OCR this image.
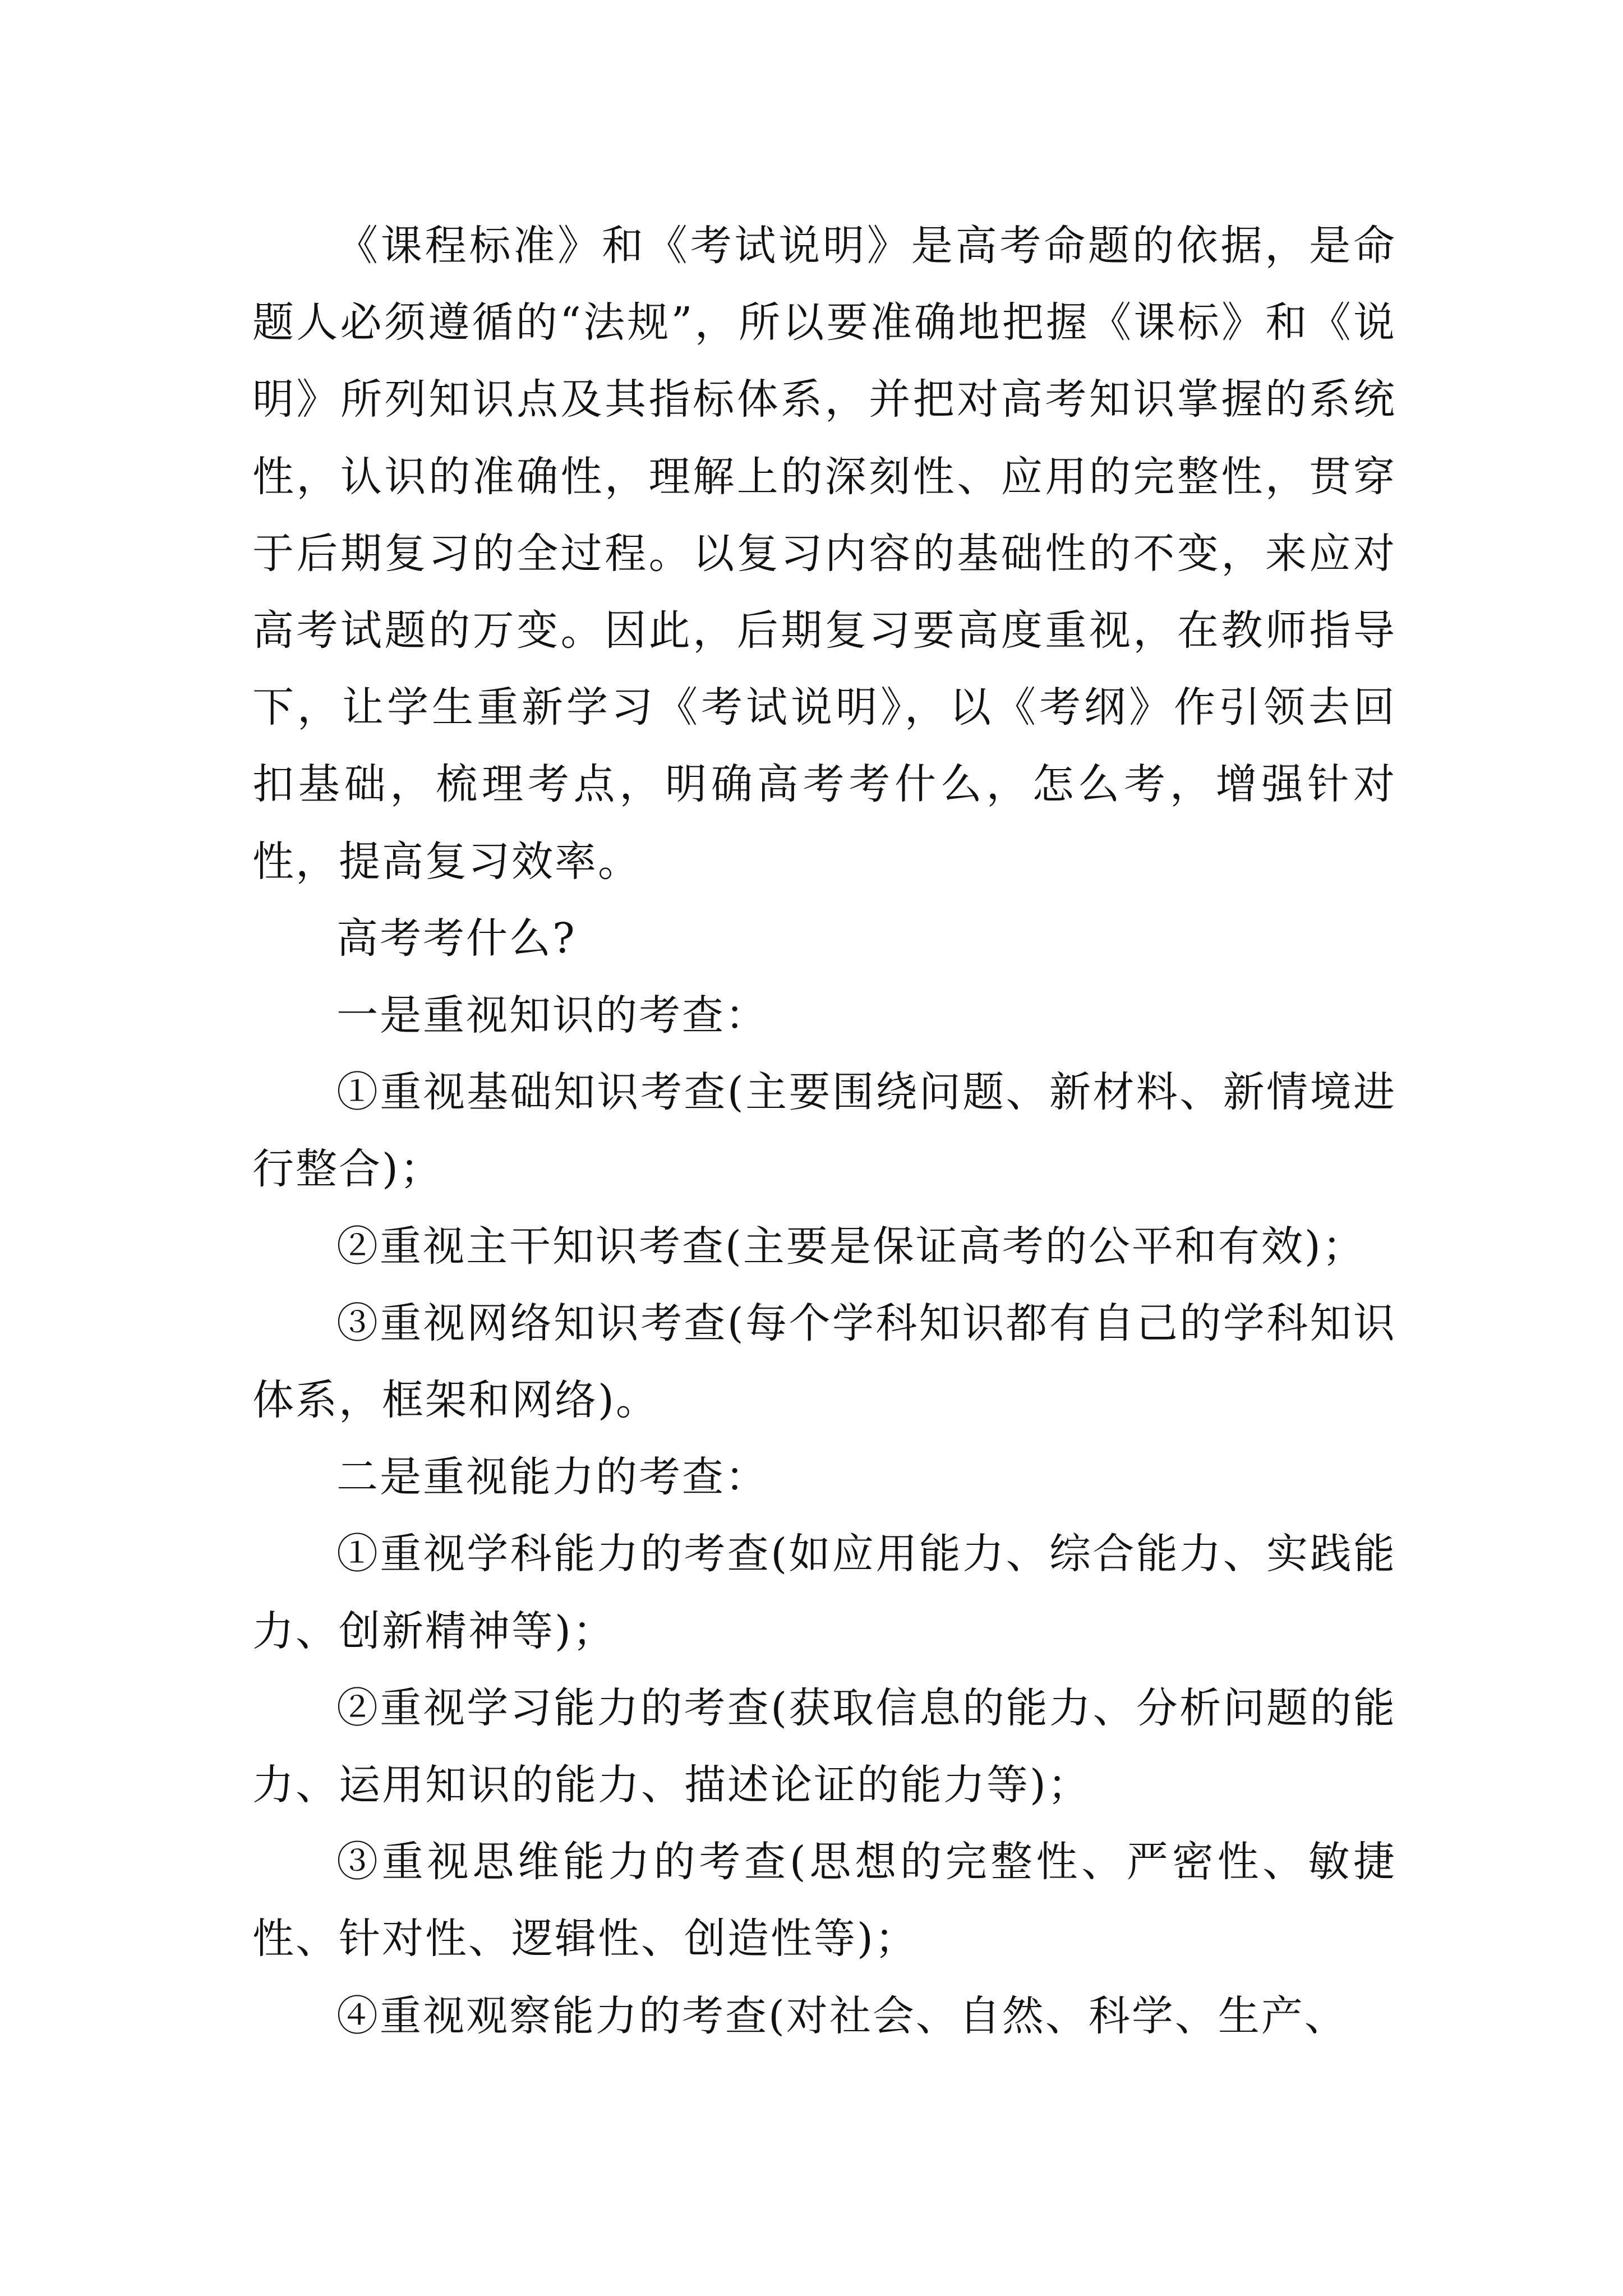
《课程标准》和《考试说明》是高考命题的依据，是命题人必须遵循的“法规”，所以要准确地把握《课标》和《说明》所列知识点及其指标体系，并把对高考知识掌握的系统性，认识的准确性，理解上的深刻性、应用的完整性，贯穿于后期复习的全过程。以复习内容的基础性的不变，来应对高考试题的万变。因此，后期复习要高度重视，在教师指导下，让学生重新学习《考试说明》，以《考纲》作引领去回扣基础，梳理考点，明确高考考什么，怎么考，增强针对性，提高复习效率。

高考考什么?

一是重视知识的考查：

①重视基础知识考查(主要围绕问题、新材料、新情境进行整合)；

②重视主干知识考查(主要是保证高考的公平和有效)；

③重视网络知识考查(每个学科知识都有自己的学科知识体系，框架和网络)。

二是重视能力的考查：

①重视学科能力的考查(如应用能力、综合能力、实践能力、创新精神等)；

②重视学习能力的考查(获取信息的能力、分析问题的能力、运用知识的能力、描述论证的能力等)；

③重视思维能力的考查(思想的完整性、严密性、敏捷性、针对性、逻辑性、创造性等)；

④重视观察能力的考查(对社会、自然、科学、生产、
